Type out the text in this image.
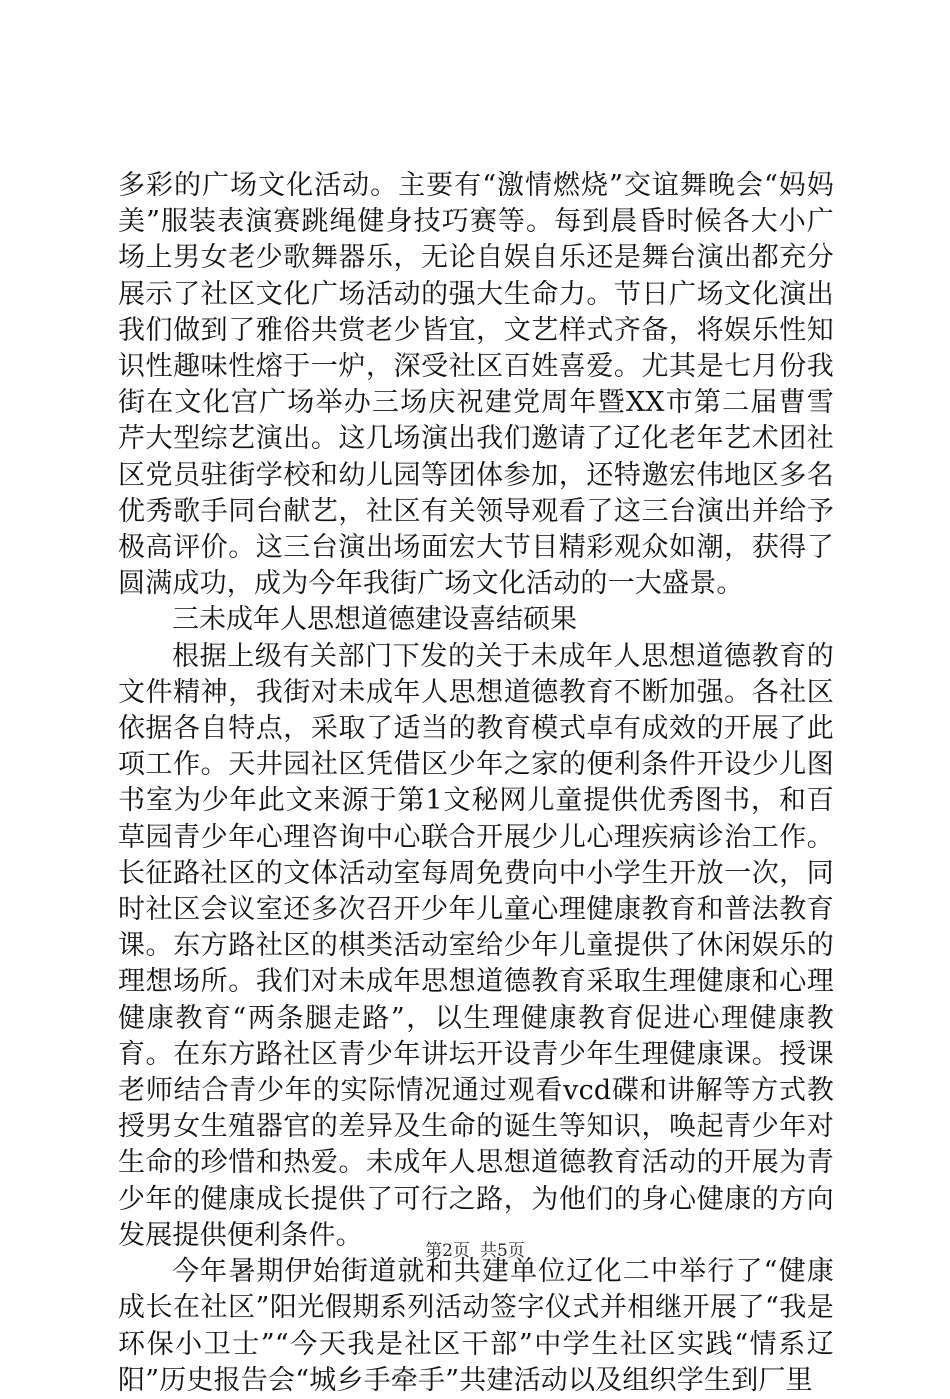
多彩的广场文化活动。主要有“激情燃烧”交谊舞晚会“妈妈美”服装表演赛跳绳健身技巧赛等。每到晨昏时候各大小广场上男女老少歌舞器乐，无论自娱自乐还是舞台演出都充分展示了社区文化广场活动的强大生命力。节日广场文化演出我们做到了雅俗共赏老少皆宜，文艺样式齐备，将娱乐性知识性趣味性熔于一炉，深受社区百姓喜爱。尤其是七月份我街在文化宫广场举办三场庆祝建党周年暨XX市第二届曹雪芹大型综艺演出。这几场演出我们邀请了辽化老年艺术团社区党员驻街学校和幼儿园等团体参加，还特邀宏伟地区多名优秀歌手同台献艺，社区有关领导观看了这三台演出并给予极高评价。这三台演出场面宏大节目精彩观众如潮，获得了圆满成功，成为今年我街广场文化活动的一大盛景。

三未成年人思想道德建设喜结硕果

根据上级有关部门下发的关于未成年人思想道德教育的文件精神，我街对未成年人思想道德教育不断加强。各社区依据各自特点，采取了适当的教育模式卓有成效的开展了此项工作。天井园社区凭借区少年之家的便利条件开设少儿图书室为少年此文来源于第1文秘网儿童提供优秀图书，和百草园青少年心理咨询中心联合开展少儿心理疾病诊治工作。长征路社区的文体活动室每周免费向中小学生开放一次，同时社区会议室还多次召开少年儿童心理健康教育和普法教育课。东方路社区的棋类活动室给少年儿童提供了休闲娱乐的理想场所。我们对未成年思想道德教育采取生理健康和心理健康教育“两条腿走路”，以生理健康教育促进心理健康教育。在东方路社区青少年讲坛开设青少年生理健康课。授课老师结合青少年的实际情况通过观看vcd碟和讲解等方式教授男女生殖器官的差异及生命的诞生等知识，唤起青少年对生命的珍惜和热爱。未成年人思想道德教育活动的开展为青少年的健康成长提供了可行之路，为他们的身心健康的方向发展提供便利条件。

今年暑期伊始街道就和共建单位辽化二中举行了“健康成长在社区”阳光假期系列活动签字仪式并相继开展了“我是环保小卫士”“今天我是社区干部”中学生社区实践“情系辽阳”历史报告会“城乡手牵手”共建活动以及组织学生到厂里

第2页 共5页
